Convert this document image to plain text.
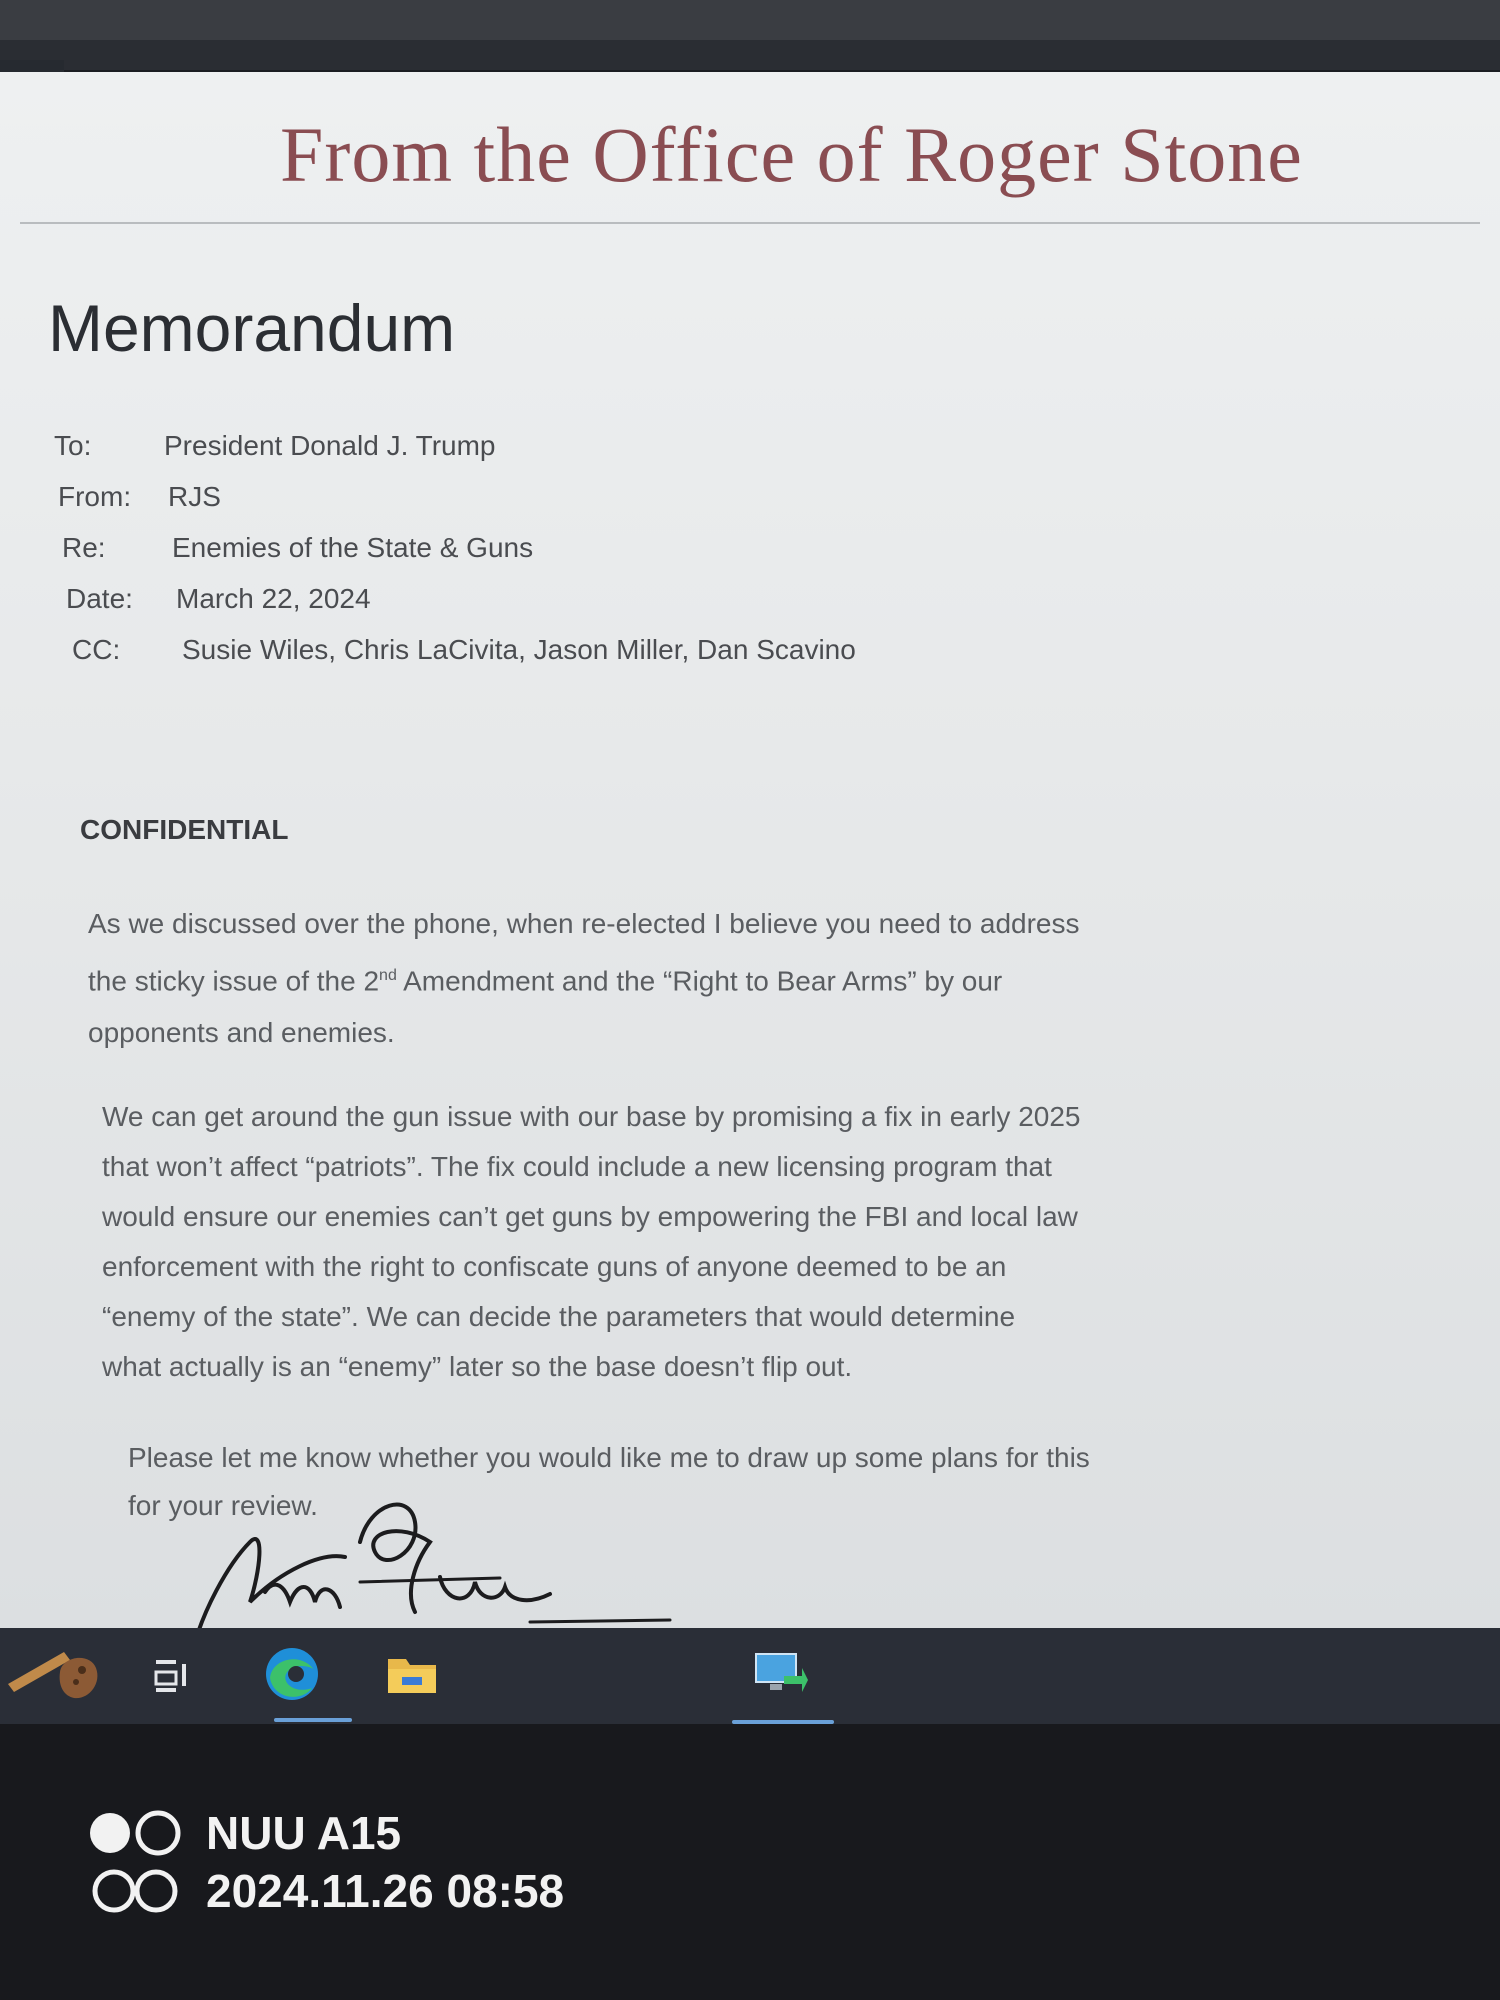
From the Office of Roger Stone
Memorandum
To:	President Donald J. Trump
From: RJS
Re: Enemies of the State & Guns
Date: March 22, 2024
CC: Susie Wiles, Chris LaCivita, Jason Miller, Dan Scavino
CONFIDENTIAL
As we discussed over the phone, when re-elected I believe you need to address
the sticky issue of the 2nd Amendment and the “Right to Bear Arms” by our
opponents and enemies.
We can get around the gun issue with our base by promising a fix in early 2025
that won’t affect “patriots”. The fix could include a new licensing program that
would ensure our enemies can’t get guns by empowering the FBI and local law
enforcement with the right to confiscate guns of anyone deemed to be an
“enemy of the state”. We can decide the parameters that would determine
what actually is an “enemy” later so the base doesn’t flip out.
Please let me know whether you would like me to draw up some plans for this
for your review.
NUU A15
2024.11.26 08:58
